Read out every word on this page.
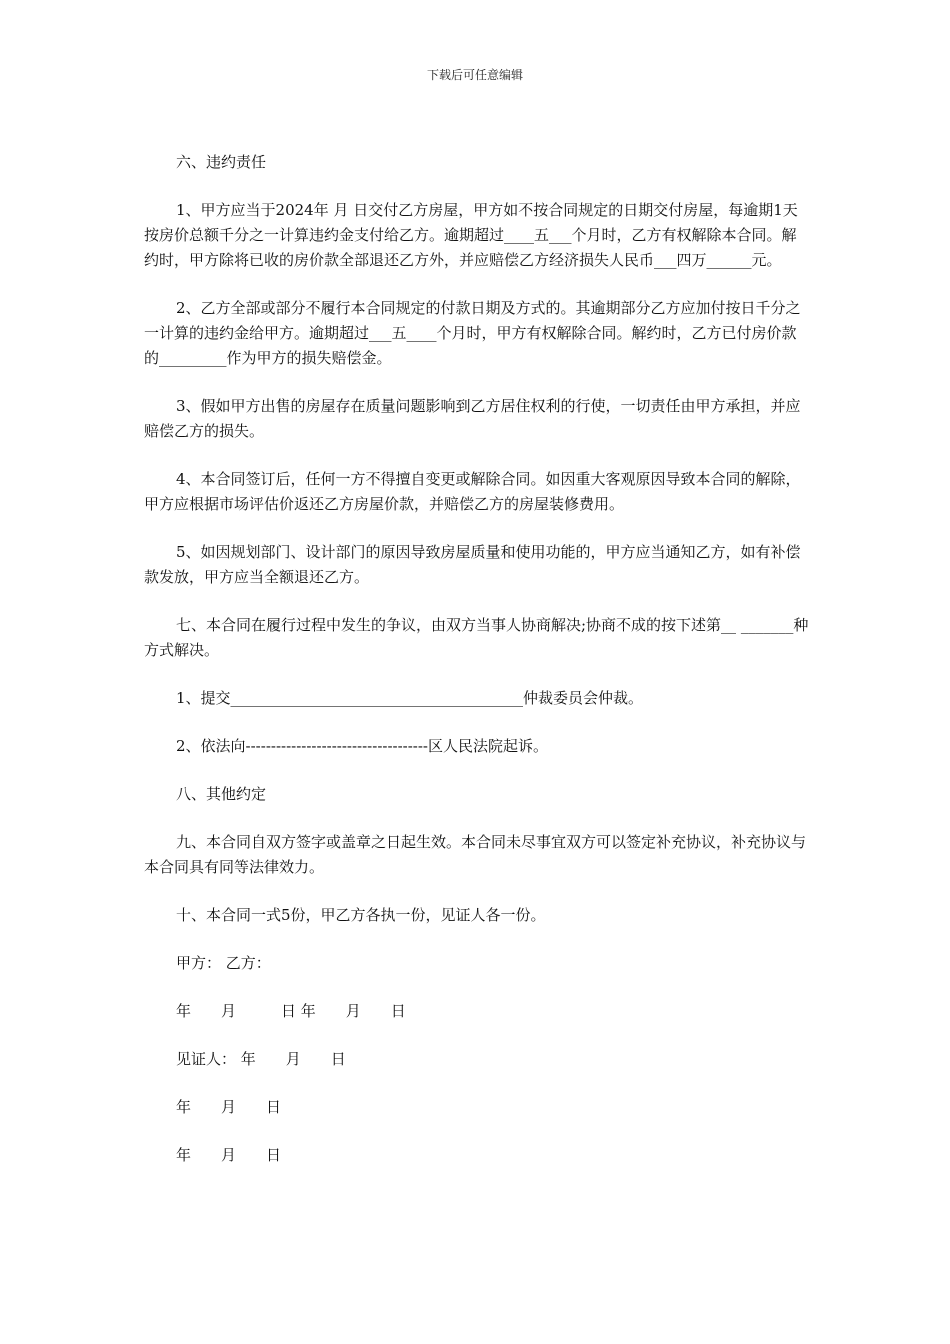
下载后可任意编辑

六、违约责任

1、甲方应当于2024年 月 日交付乙方房屋，甲方如不按合同规定的日期交付房屋，每逾期1天按房价总额千分之一计算违约金支付给乙方。逾期超过____五___个月时，乙方有权解除本合同。解约时，甲方除将已收的房价款全部退还乙方外，并应赔偿乙方经济损失人民币___四万______元。

2、乙方全部或部分不履行本合同规定的付款日期及方式的。其逾期部分乙方应加付按日千分之一计算的违约金给甲方。逾期超过___五____个月时，甲方有权解除合同。解约时，乙方已付房价款的_________作为甲方的损失赔偿金。

3、假如甲方出售的房屋存在质量问题影响到乙方居住权利的行使，一切责任由甲方承担，并应赔偿乙方的损失。

4、本合同签订后，任何一方不得擅自变更或解除合同。如因重大客观原因导致本合同的解除，甲方应根据市场评估价返还乙方房屋价款，并赔偿乙方的房屋装修费用。

5、如因规划部门、设计部门的原因导致房屋质量和使用功能的，甲方应当通知乙方，如有补偿款发放，甲方应当全额退还乙方。

七、本合同在履行过程中发生的争议，由双方当事人协商解决;协商不成的按下述第__ _______种方式解决。

1、提交_______________________________________仲裁委员会仲裁。

2、依法向------------------------------------区人民法院起诉。

八、其他约定

九、本合同自双方签字或盖章之日起生效。本合同未尽事宜双方可以签定补充协议，补充协议与本合同具有同等法律效力。

十、本合同一式5份，甲乙方各执一份，见证人各一份。

甲方： 乙方：

年　　月　　　日 年　　月　　日

见证人： 年　　月　　日

年　　月　　日

年　　月　　日
